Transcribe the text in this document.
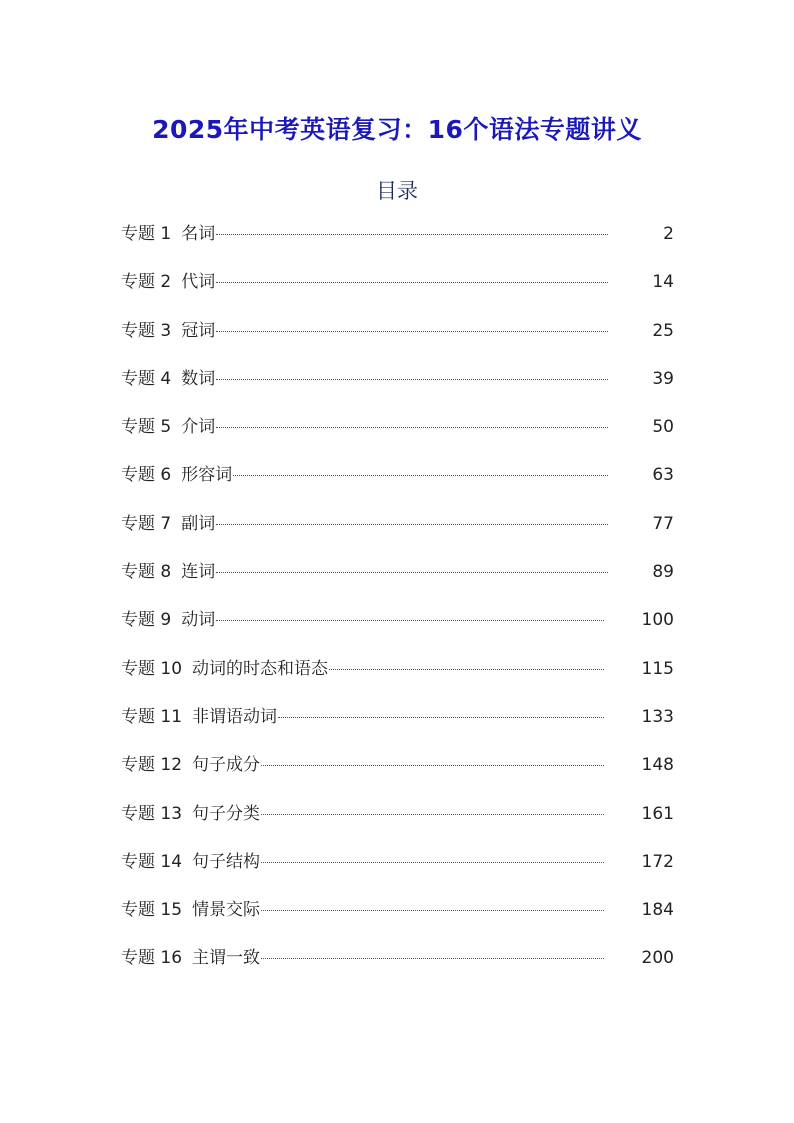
2025年中考英语复习：16个语法专题讲义
目录
专题 1 名词	2
专题 2 代词	14
专题 3 冠词	25
专题 4 数词	39
专题 5 介词	50
专题 6 形容词	63
专题 7 副词	77
专题 8 连词	89
专题 9 动词	100
专题 10 动词的时态和语态	115
专题 11 非谓语动词	133
专题 12 句子成分	148
专题 13 句子分类	161
专题 14 句子结构	172
专题 15 情景交际	184
专题 16 主谓一致	200
